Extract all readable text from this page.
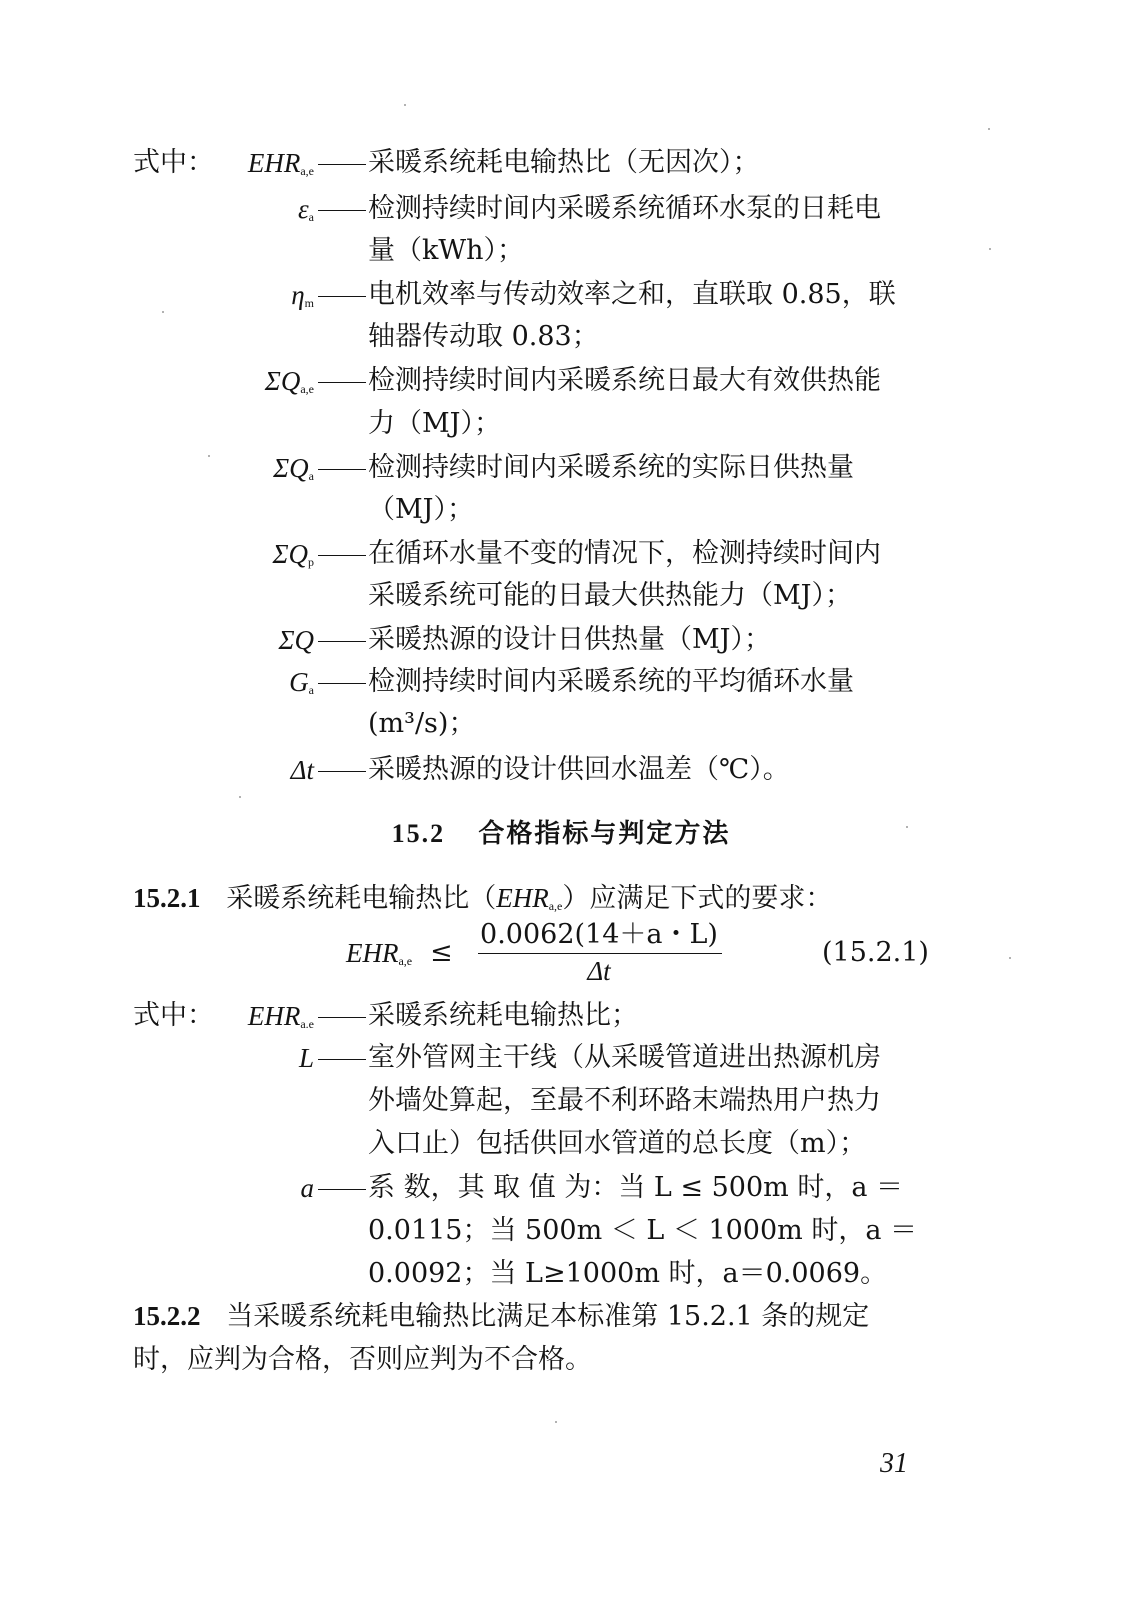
式中：	$EHR_{a,e}$ 采暖系统耗电输热比（无因次）；
$\varepsilon_a$ 检测持续时间内采暖系统循环水泵的日耗电
量（kWh）；
$\eta_m$ 电机效率与传动效率之和，直联取 0.85，联
轴器传动取 0.83；
$\Sigma Q_{a,e}$ 检测持续时间内采暖系统日最大有效供热能
力（MJ）；
$\Sigma Q_a$ 检测持续时间内采暖系统的实际日供热量
（MJ）；
$\Sigma Q_p$ 在循环水量不变的情况下，检测持续时间内
采暖系统可能的日最大供热能力（MJ）；
ΣQ 采暖热源的设计日供热量（MJ）；
$G_a$ 检测持续时间内采暖系统的平均循环水量
(m³/s)；
Δt 采暖热源的设计供回水温差（℃）。
15.2 合格指标与判定方法
15.2.1 采暖系统耗电输热比$(EHR_{a,e})$应满足下式的要求：
$EHR_{a,e}$ ≤
0.0062(14＋a・L)
Δt
(15.2.1)
式中：	$EHR_{a.e}$ 采暖系统耗电输热比；
L 室外管网主干线（从采暖管道进出热源机房
外墙处算起，至最不利环路末端热用户热力
入口止）包括供回水管道的总长度（m）；
a 系 数，其 取 值 为：当 L ≤ 500m 时，a ＝
0.0115；当 500m ＜ L ＜ 1000m 时，a ＝
0.0092；当 L≥1000m 时，a＝0.0069。
15.2.2 当采暖系统耗电输热比满足本标准第 15.2.1 条的规定
时，应判为合格，否则应判为不合格。
31
